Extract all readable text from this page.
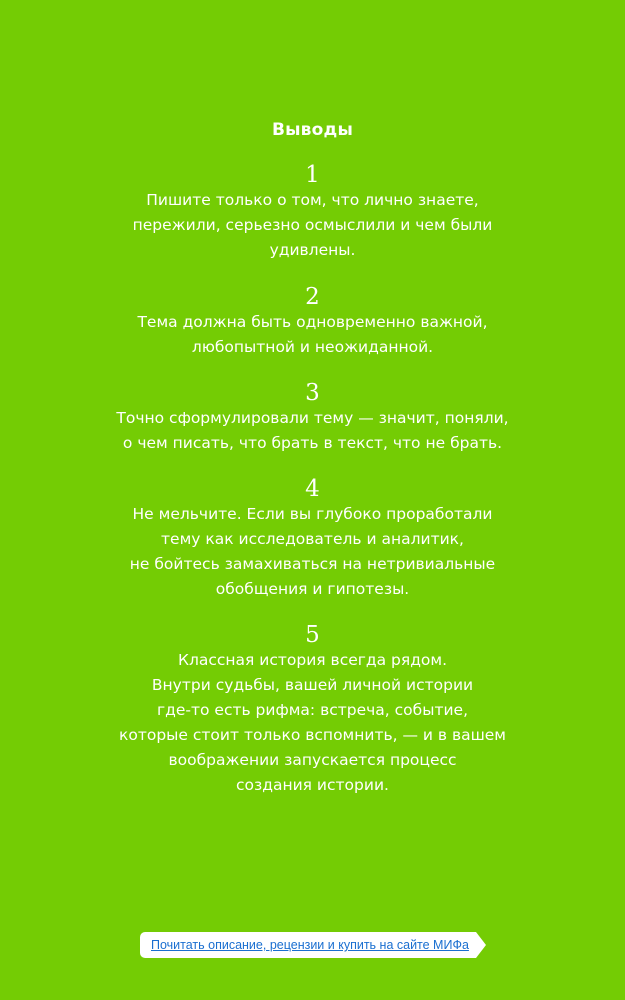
Выводы
1
Пишите только о том, что лично знаете,
пережили, серьезно осмыслили и чем были
удивлены.
2
Тема должна быть одновременно важной,
любопытной и неожиданной.
3
Точно сформулировали тему — значит, поняли,
о чем писать, что брать в текст, что не брать.
4
Не мельчите. Если вы глубоко проработали
тему как исследователь и аналитик,
не бойтесь замахиваться на нетривиальные
обобщения и гипотезы.
5
Классная история всегда рядом.
Внутри судьбы, вашей личной истории
где-то есть рифма: встреча, событие,
которые стоит только вспомнить, — и в вашем
воображении запускается процесс
создания истории.
Почитать описание, рецензии и купить на сайте МИФа
